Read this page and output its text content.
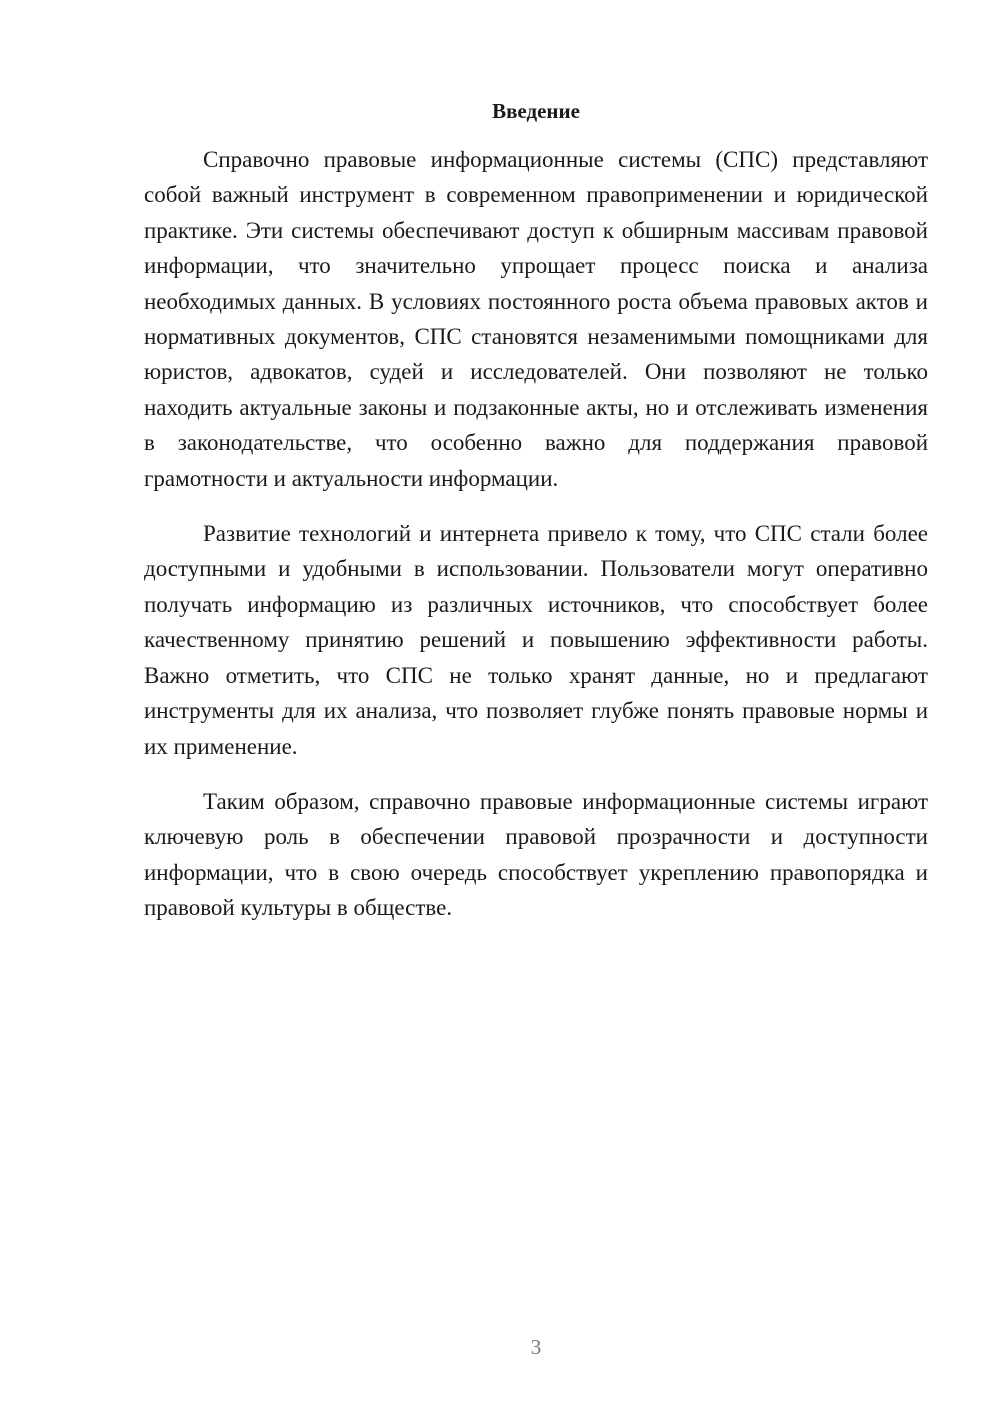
Введение

Справочно правовые информационные системы (СПС) представляют собой важный инструмент в современном правоприменении и юридической практике. Эти системы обеспечивают доступ к обширным массивам правовой информации, что значительно упрощает процесс поиска и анализа необходимых данных. В условиях постоянного роста объема правовых актов и нормативных документов, СПС становятся незаменимыми помощниками для юристов, адвокатов, судей и исследователей. Они позволяют не только находить актуальные законы и подзаконные акты, но и отслеживать изменения в законодательстве, что особенно важно для поддержания правовой грамотности и актуальности информации.

Развитие технологий и интернета привело к тому, что СПС стали более доступными и удобными в использовании. Пользователи могут оперативно получать информацию из различных источников, что способствует более качественному принятию решений и повышению эффективности работы. Важно отметить, что СПС не только хранят данные, но и предлагают инструменты для их анализа, что позволяет глубже понять правовые нормы и их применение.

Таким образом, справочно правовые информационные системы играют ключевую роль в обеспечении правовой прозрачности и доступности информации, что в свою очередь способствует укреплению правопорядка и правовой культуры в обществе.

3
